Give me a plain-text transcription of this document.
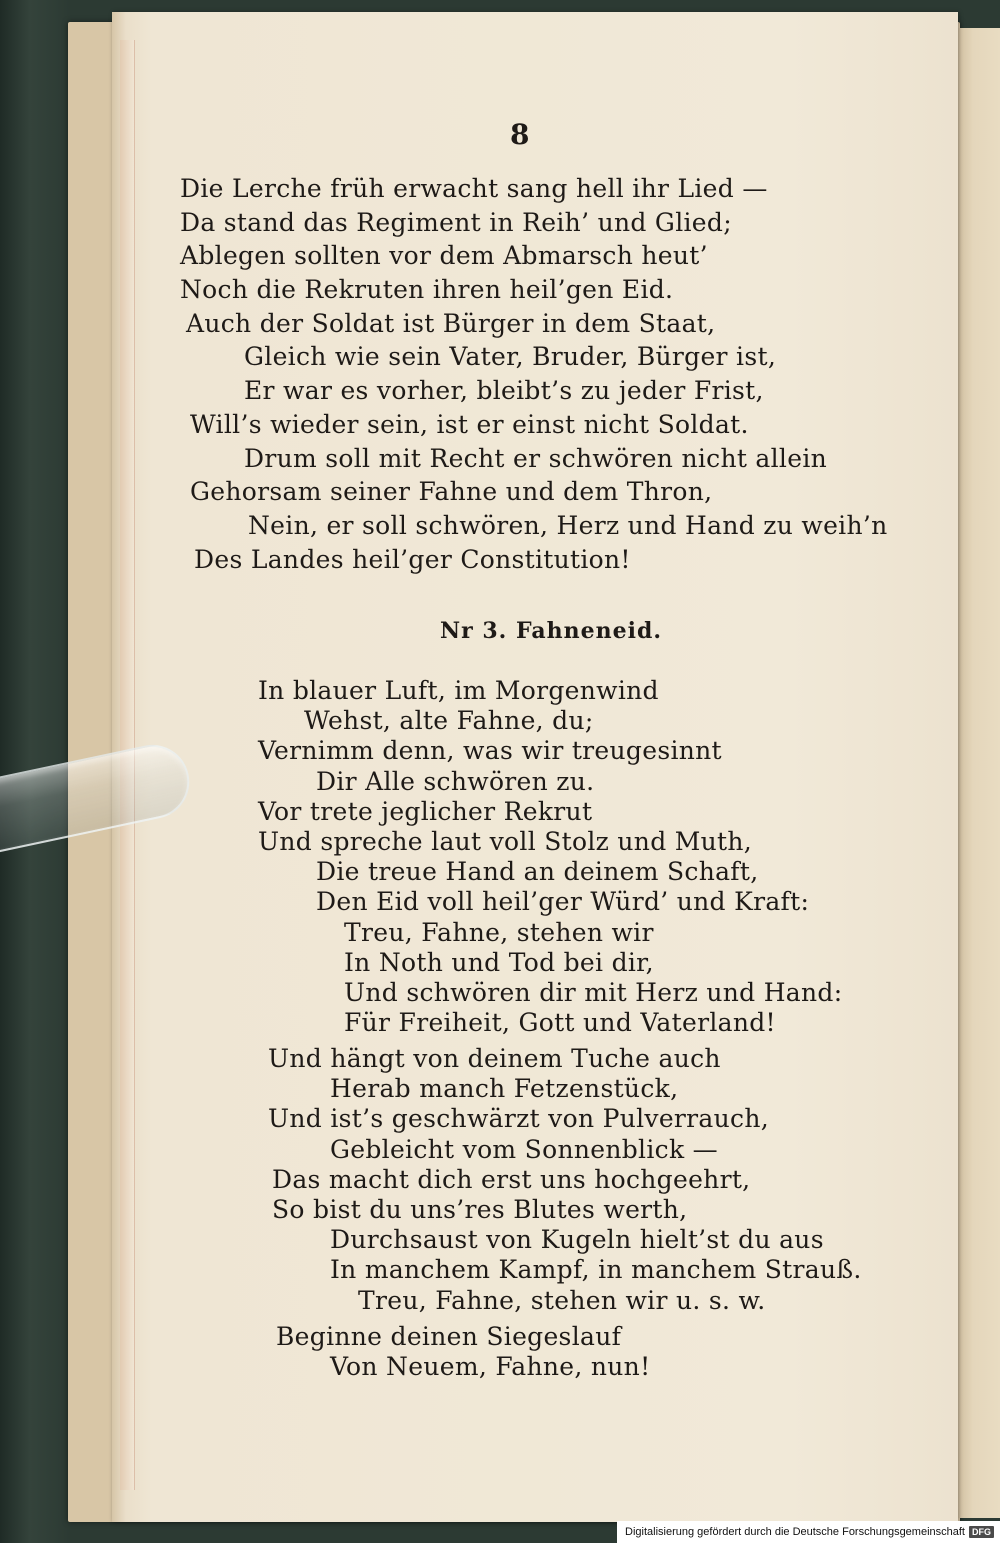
8
Die Lerche früh erwacht sang hell ihr Lied —
Da stand das Regiment in Reih’ und Glied;
Ablegen sollten vor dem Abmarsch heut’
Noch die Rekruten ihren heil’gen Eid.
Auch der Soldat ist Bürger in dem Staat,
Gleich wie sein Vater, Bruder, Bürger ist,
Er war es vorher, bleibt’s zu jeder Frist,
Will’s wieder sein, ist er einst nicht Soldat.
Drum soll mit Recht er schwören nicht allein
Gehorsam seiner Fahne und dem Thron,
Nein, er soll schwören, Herz und Hand zu weih’n
Des Landes heil’ger Constitution!
Nr 3. Fahneneid.
In blauer Luft, im Morgenwind
Wehst, alte Fahne, du;
Vernimm denn, was wir treugesinnt
Dir Alle schwören zu.
Vor trete jeglicher Rekrut
Und spreche laut voll Stolz und Muth,
Die treue Hand an deinem Schaft,
Den Eid voll heil’ger Würd’ und Kraft:
Treu, Fahne, stehen wir
In Noth und Tod bei dir,
Und schwören dir mit Herz und Hand:
Für Freiheit, Gott und Vaterland!
Und hängt von deinem Tuche auch
Herab manch Fetzenstück,
Und ist’s geschwärzt von Pulverrauch,
Gebleicht vom Sonnenblick —
Das macht dich erst uns hochgeehrt,
So bist du uns’res Blutes werth,
Durchsaust von Kugeln hielt’st du aus
In manchem Kampf, in manchem Strauß.
Treu, Fahne, stehen wir u. s. w.
Beginne deinen Siegeslauf
Von Neuem, Fahne, nun!
Digitalisierung gefördert durch die Deutsche Forschungsgemeinschaft DFG
